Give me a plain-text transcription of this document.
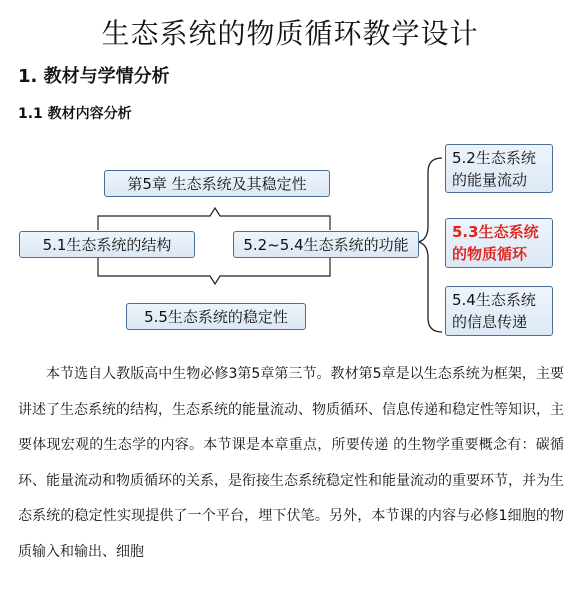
生态系统的物质循环教学设计
1. 教材与学情分析
1.1 教材内容分析
第5章 生态系统及其稳定性
5.1生态系统的结构	5.2~5.4生态系统的功能
5.5生态系统的稳定性
5.2生态系统的能量流动
5.3生态系统的物质循环
5.4生态系统的信息传递

本节选自人教版高中生物必修3第5章第三节。教材第5章是以生态系统为框架，主要讲述了生态系统的结构，生态系统的能量流动、物质循环、信息传递和稳定性等知识，主要体现宏观的生态学的内容。本节课是本章重点，所要传递 的生物学重要概念有：碳循环、能量流动和物质循环的关系，是衔接生态系统稳定性和能量流动的重要环节，并为生态系统的稳定性实现提供了一个平台，埋下伏笔。另外，本节课的内容与必修1细胞的物质输入和输出、细胞
